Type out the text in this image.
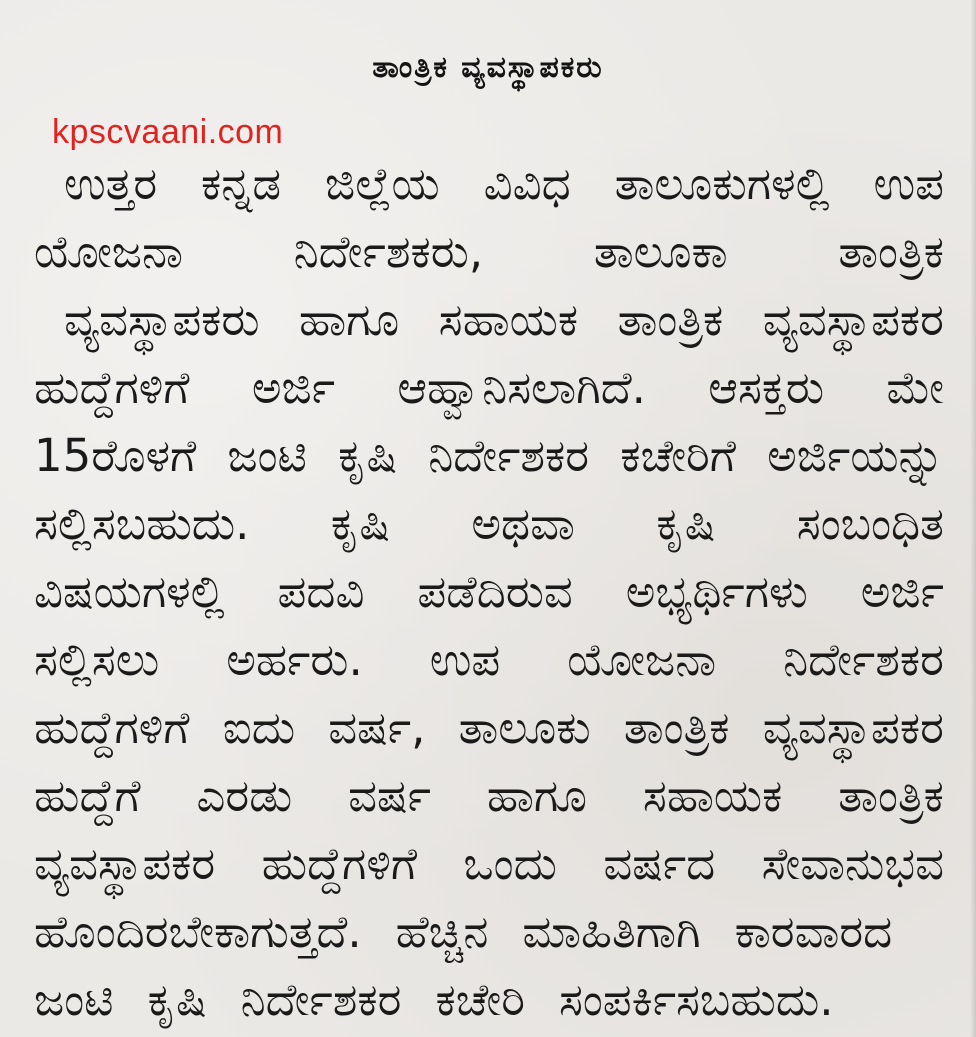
ತಾಂತ್ರಿಕ ವ್ಯವಸ್ಥಾಪಕರು
kpscvaani.com
ಉತ್ತರ ಕನ್ನಡ ಜಿಲ್ಲೆಯ ವಿವಿಧ ತಾಲೂಕುಗಳಲ್ಲಿ ಉಪ
ಯೋಜನಾ ನಿರ್ದೇಶಕರು, ತಾಲೂಕಾ ತಾಂತ್ರಿಕ
ವ್ಯವಸ್ಥಾಪಕರು ಹಾಗೂ ಸಹಾಯಕ ತಾಂತ್ರಿಕ ವ್ಯವಸ್ಥಾಪಕರ
ಹುದ್ದೆಗಳಿಗೆ ಅರ್ಜಿ ಆಹ್ವಾನಿಸಲಾಗಿದೆ. ಆಸಕ್ತರು ಮೇ
15ರೊಳಗೆ ಜಂಟಿ ಕೃಷಿ ನಿರ್ದೇಶಕರ ಕಚೇರಿಗೆ ಅರ್ಜಿಯನ್ನು
ಸಲ್ಲಿಸಬಹುದು. ಕೃಷಿ ಅಥವಾ ಕೃಷಿ ಸಂಬಂಧಿತ
ವಿಷಯಗಳಲ್ಲಿ ಪದವಿ ಪಡೆದಿರುವ ಅಭ್ಯರ್ಥಿಗಳು ಅರ್ಜಿ
ಸಲ್ಲಿಸಲು ಅರ್ಹರು. ಉಪ ಯೋಜನಾ ನಿರ್ದೇಶಕರ
ಹುದ್ದೆಗಳಿಗೆ ಐದು ವರ್ಷ, ತಾಲೂಕು ತಾಂತ್ರಿಕ ವ್ಯವಸ್ಥಾಪಕರ
ಹುದ್ದೆಗೆ ಎರಡು ವರ್ಷ ಹಾಗೂ ಸಹಾಯಕ ತಾಂತ್ರಿಕ
ವ್ಯವಸ್ಥಾಪಕರ ಹುದ್ದೆಗಳಿಗೆ ಒಂದು ವರ್ಷದ ಸೇವಾನುಭವ
ಹೊಂದಿರಬೇಕಾಗುತ್ತದೆ. ಹೆಚ್ಚಿನ ಮಾಹಿತಿಗಾಗಿ ಕಾರವಾರದ
ಜಂಟಿ ಕೃಷಿ ನಿರ್ದೇಶಕರ ಕಚೇರಿ ಸಂಪರ್ಕಿಸಬಹುದು.
